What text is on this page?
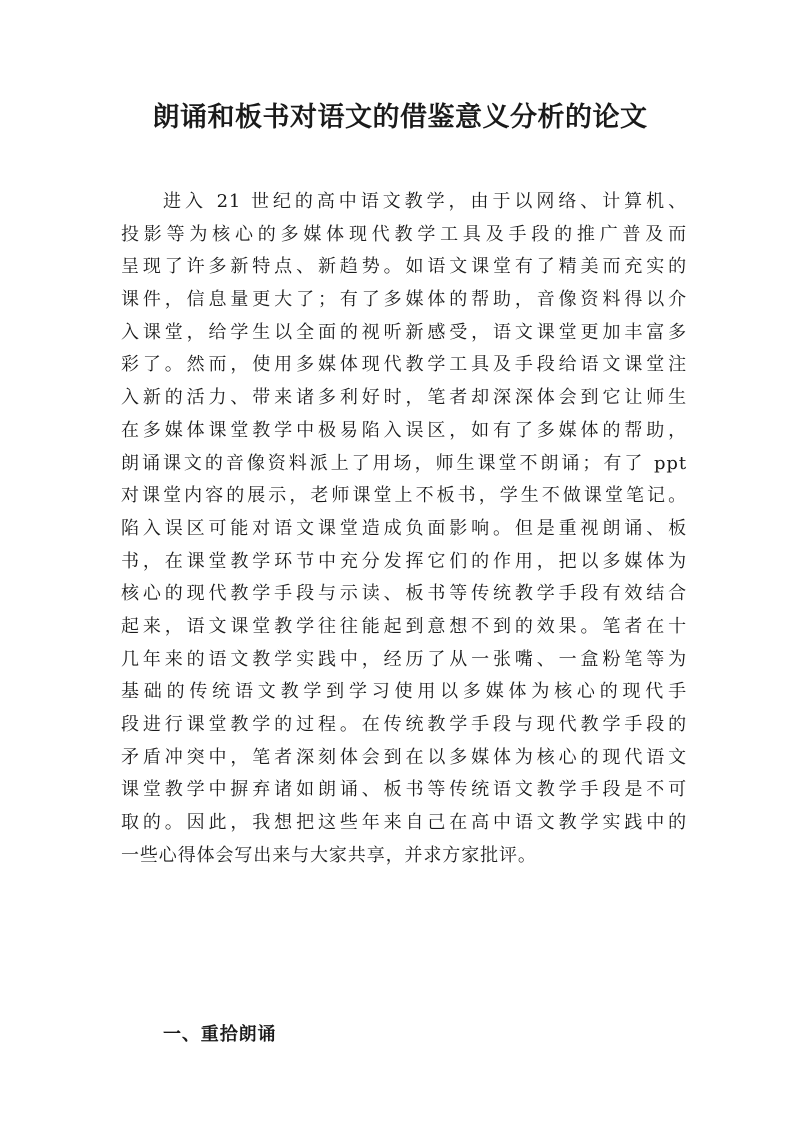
朗诵和板书对语文的借鉴意义分析的论文
进入 21 世纪的高中语文教学，由于以网络、计算机、
投影等为核心的多媒体现代教学工具及手段的推广普及而
呈现了许多新特点、新趋势。如语文课堂有了精美而充实的
课件，信息量更大了；有了多媒体的帮助，音像资料得以介
入课堂，给学生以全面的视听新感受，语文课堂更加丰富多
彩了。然而，使用多媒体现代教学工具及手段给语文课堂注
入新的活力、带来诸多利好时，笔者却深深体会到它让师生
在多媒体课堂教学中极易陷入误区，如有了多媒体的帮助，
朗诵课文的音像资料派上了用场，师生课堂不朗诵；有了 ppt
对课堂内容的展示，老师课堂上不板书，学生不做课堂笔记。
陷入误区可能对语文课堂造成负面影响。但是重视朗诵、板
书，在课堂教学环节中充分发挥它们的作用，把以多媒体为
核心的现代教学手段与示读、板书等传统教学手段有效结合
起来，语文课堂教学往往能起到意想不到的效果。笔者在十
几年来的语文教学实践中，经历了从一张嘴、一盒粉笔等为
基础的传统语文教学到学习使用以多媒体为核心的现代手
段进行课堂教学的过程。在传统教学手段与现代教学手段的
矛盾冲突中，笔者深刻体会到在以多媒体为核心的现代语文
课堂教学中摒弃诸如朗诵、板书等传统语文教学手段是不可
取的。因此，我想把这些年来自己在高中语文教学实践中的
一些心得体会写出来与大家共享，并求方家批评。
一、重拾朗诵
